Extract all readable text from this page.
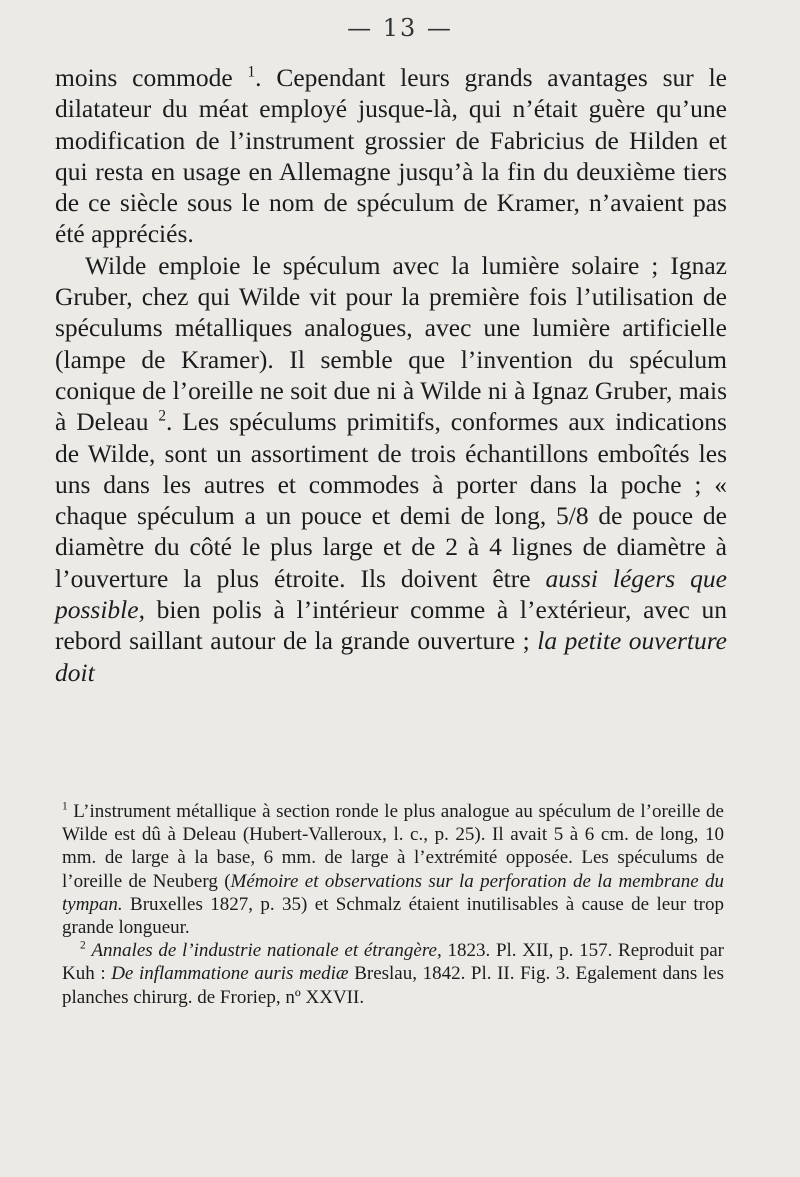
— 13 —

moins commode $^1$. Cependant leurs grands avantages sur le dilatateur du méat employé jusque-là, qui n’était guère qu’une modification de l’instrument grossier de Fabricius de Hilden et qui resta en usage en Allemagne jusqu’à la fin du deuxième tiers de ce siècle sous le nom de spéculum de Kramer, n’avaient pas été appréciés.

Wilde emploie le spéculum avec la lumière solaire ; Ignaz Gruber, chez qui Wilde vit pour la première fois l’utilisation de spéculums métalliques analogues, avec une lumière artificielle (lampe de Kramer). Il semble que l’invention du spéculum conique de l’oreille ne soit due ni à Wilde ni à Ignaz Gruber, mais à Deleau $^2$. Les spéculums primitifs, conformes aux indications de Wilde, sont un assortiment de trois échantillons emboîtés les uns dans les autres et commodes à porter dans la poche ; « chaque spéculum a un pouce et demi de long, 5/8 de pouce de diamètre du côté le plus large et de 2 à 4 lignes de diamètre à l’ouverture la plus étroite. Ils doivent être aussi légers que possible, bien polis à l’intérieur comme à l’extérieur, avec un rebord saillant autour de la grande ouverture ; la petite ouverture doit

$^1$ L’instrument métallique à section ronde le plus analogue au spéculum de l’oreille de Wilde est dû à Deleau (Hubert-Valleroux, l. c., p. 25). Il avait 5 à 6 cm. de long, 10 mm. de large à la base, 6 mm. de large à l’extrémité opposée. Les spéculums de l’oreille de Neuberg (Mémoire et observations sur la perforation de la membrane du tympan. Bruxelles 1827, p. 35) et Schmalz étaient inutilisables à cause de leur trop grande longueur.

$^2$ Annales de l’industrie nationale et étrangère, 1823. Pl. XII, p. 157. Reproduit par Kuh : De inflammatione auris mediæ Breslau, 1842. Pl. II. Fig. 3. Egalement dans les planches chirurg. de Froriep, nº XXVII.
